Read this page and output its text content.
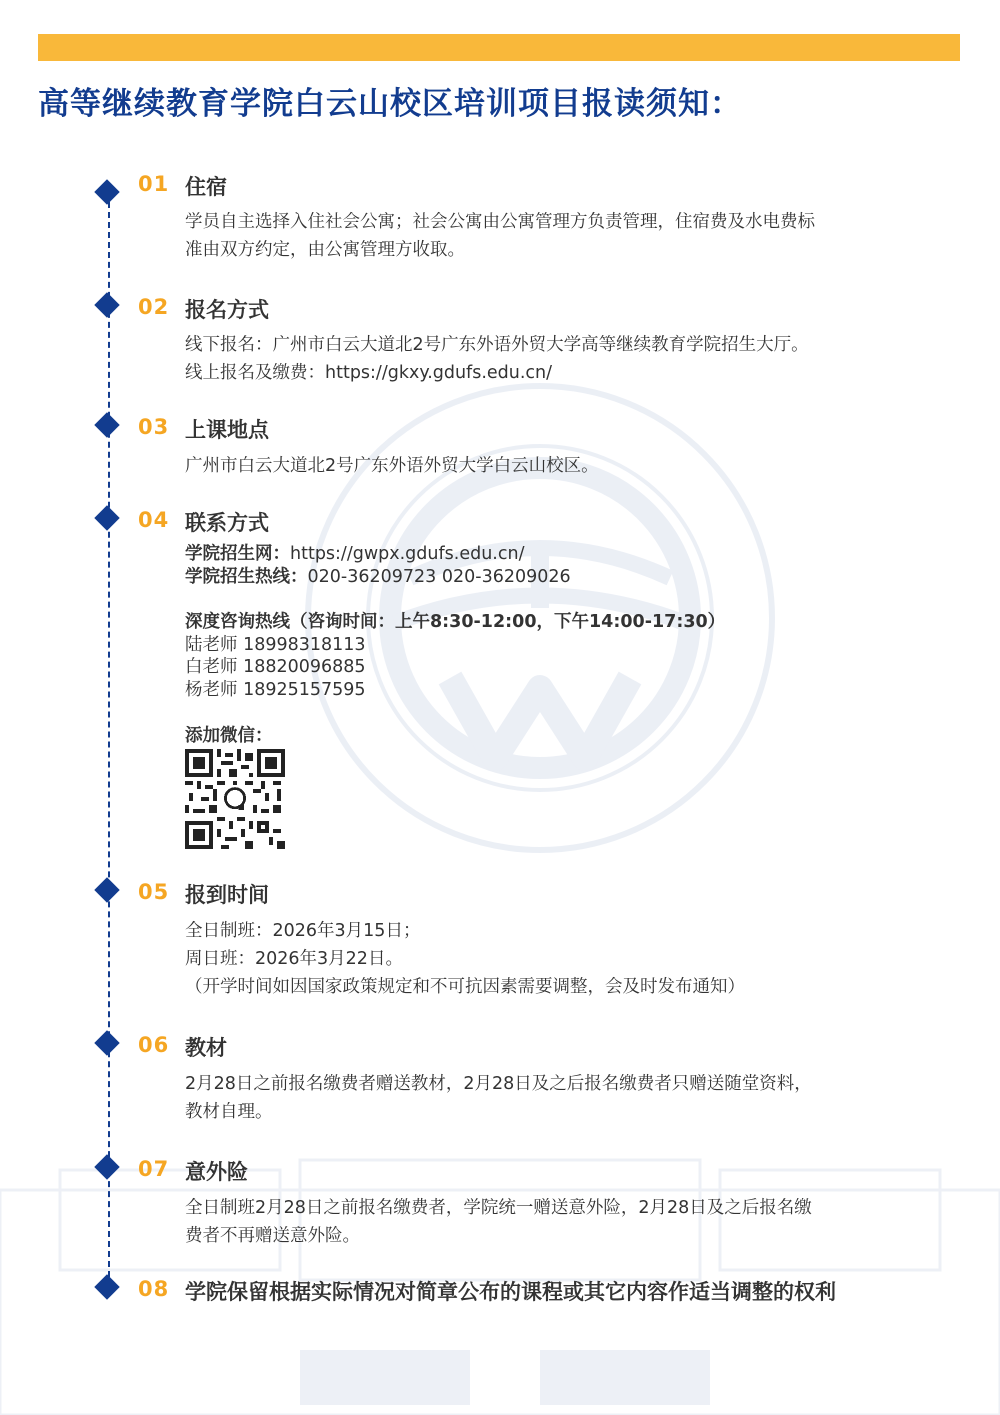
高等继续教育学院白云山校区培训项目报读须知：
01 住宿
学员自主选择入住社会公寓；社会公寓由公寓管理方负责管理，住宿费及水电费标
准由双方约定，由公寓管理方收取。
02 报名方式
线下报名：广州市白云大道北2号广东外语外贸大学高等继续教育学院招生大厅。
线上报名及缴费：https://gkxy.gdufs.edu.cn/
03 上课地点
广州市白云大道北2号广东外语外贸大学白云山校区。
04 联系方式
学院招生网：https://gwpx.gdufs.edu.cn/
学院招生热线：020-36209723 020-36209026
深度咨询热线（咨询时间：上午8:30-12:00，下午14:00-17:30）
陆老师 18998318113
白老师 18820096885
杨老师 18925157595
添加微信：
05 报到时间
全日制班：2026年3月15日；
周日班：2026年3月22日。
（开学时间如因国家政策规定和不可抗因素需要调整，会及时发布通知）
06 教材
2月28日之前报名缴费者赠送教材，2月28日及之后报名缴费者只赠送随堂资料，
教材自理。
07 意外险
全日制班2月28日之前报名缴费者，学院统一赠送意外险，2月28日及之后报名缴
费者不再赠送意外险。
08 学院保留根据实际情况对简章公布的课程或其它内容作适当调整的权利
